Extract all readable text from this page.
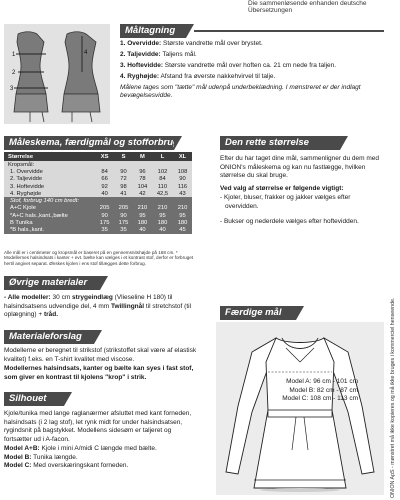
Die sammenløsende enhanden deutsche
Übersetzungen
Måltagning
1
2
3
4

1. Overvidde: Største vandrette mål over brystet.

2. Taljevidde: Taljens mål.

3. Hoftevidde: Største vandrette mål over hoften ca. 21 cm nede fra taljen.

4. Ryghøjde: Afstand fra øverste nakkehvirvel til talje.

Målene tages som "tætte" mål udenpå underbeklædning. I mønstreret er der indlagt bevægelsesvidde.

Måleskema, færdigmål og stofforbrug
Størrelse	XS	S	M	L	XL
Kropsmål:					
1. Overvidde	84	90	96	102	108
2. Taljevidde	66	72	78	84	90
3. Hoftevidde	92	98	104	110	116
4. Ryghøjde	40	41	42	42,5	43
Stof, forbrug 140 cm bredt:					
A+C Kjole	205	205	210	210	210
*A+C hals.,kant.,bælte	90	90	95	95	95
B Tunika	175	175	180	180	180
*B hals.,kant.	35	35	40	40	45
Alle mål er i centimeter og kropsmål er baseret på en gennemsnitshøjde på 168 cm. * Modellernes halsindsats i kanter + evt. bælte kan vælges i et kontrast stof, derfor er forbruget hertil angivet separat. Ønskes kjolen i ens stof tillægges dette forbrug.
Den rette størrelse

Efter du har taget dine mål, sammenligner du dem med ONION's måleskema og kan nu fastlægge, hvilken størrelse du skal bruge.

Ved valg af størrelse er følgende vigtigt:

- Kjoler, bluser, frakker og jakker vælges efter overvidden.
- Bukser og nederdele vælges efter hoftevidden.
Øvrige materialer

- Alle modeller: 30 cm strygeindlæg (Vlieseline H 180) til halsindsatsens udvendige del, 4 mm Twillingnål til stretchstof (til oplægning) + tråd.

Materialeforslag

Modellerne er beregnet til strikstof (strikstoffet skal være af elastisk kvalitet) f.eks. en T-shirt kvalitet med viscose.

Modellernes halsindsats, kanter og bælte kan syes i fast stof, som giver en kontrast til kjolens "krop" i strik.

Silhouet

Kjole/tunika med lange raglanærmer afsluttet med kant forneden, halsindsats (i 2 lag stof), let rynk midt for under halsindsatsen, rygindsnit på bagstykket. Modellens sidesøm er taljeret og fortsætter ud i A-facon.

Model A+B: Kjole i mini A/midi C længde med bælte.

Model B: Tunika længde.

Model C: Med overskæringskant forneden.

Færdige mål
Model A: 96 cm - 101 cm
Model B: 82 cm - 87 cm
Model C: 108 cm - 113 cm	ONION ApS - mønstret må ikke kopieres og må ikke bruges i kommerciel henseende.
